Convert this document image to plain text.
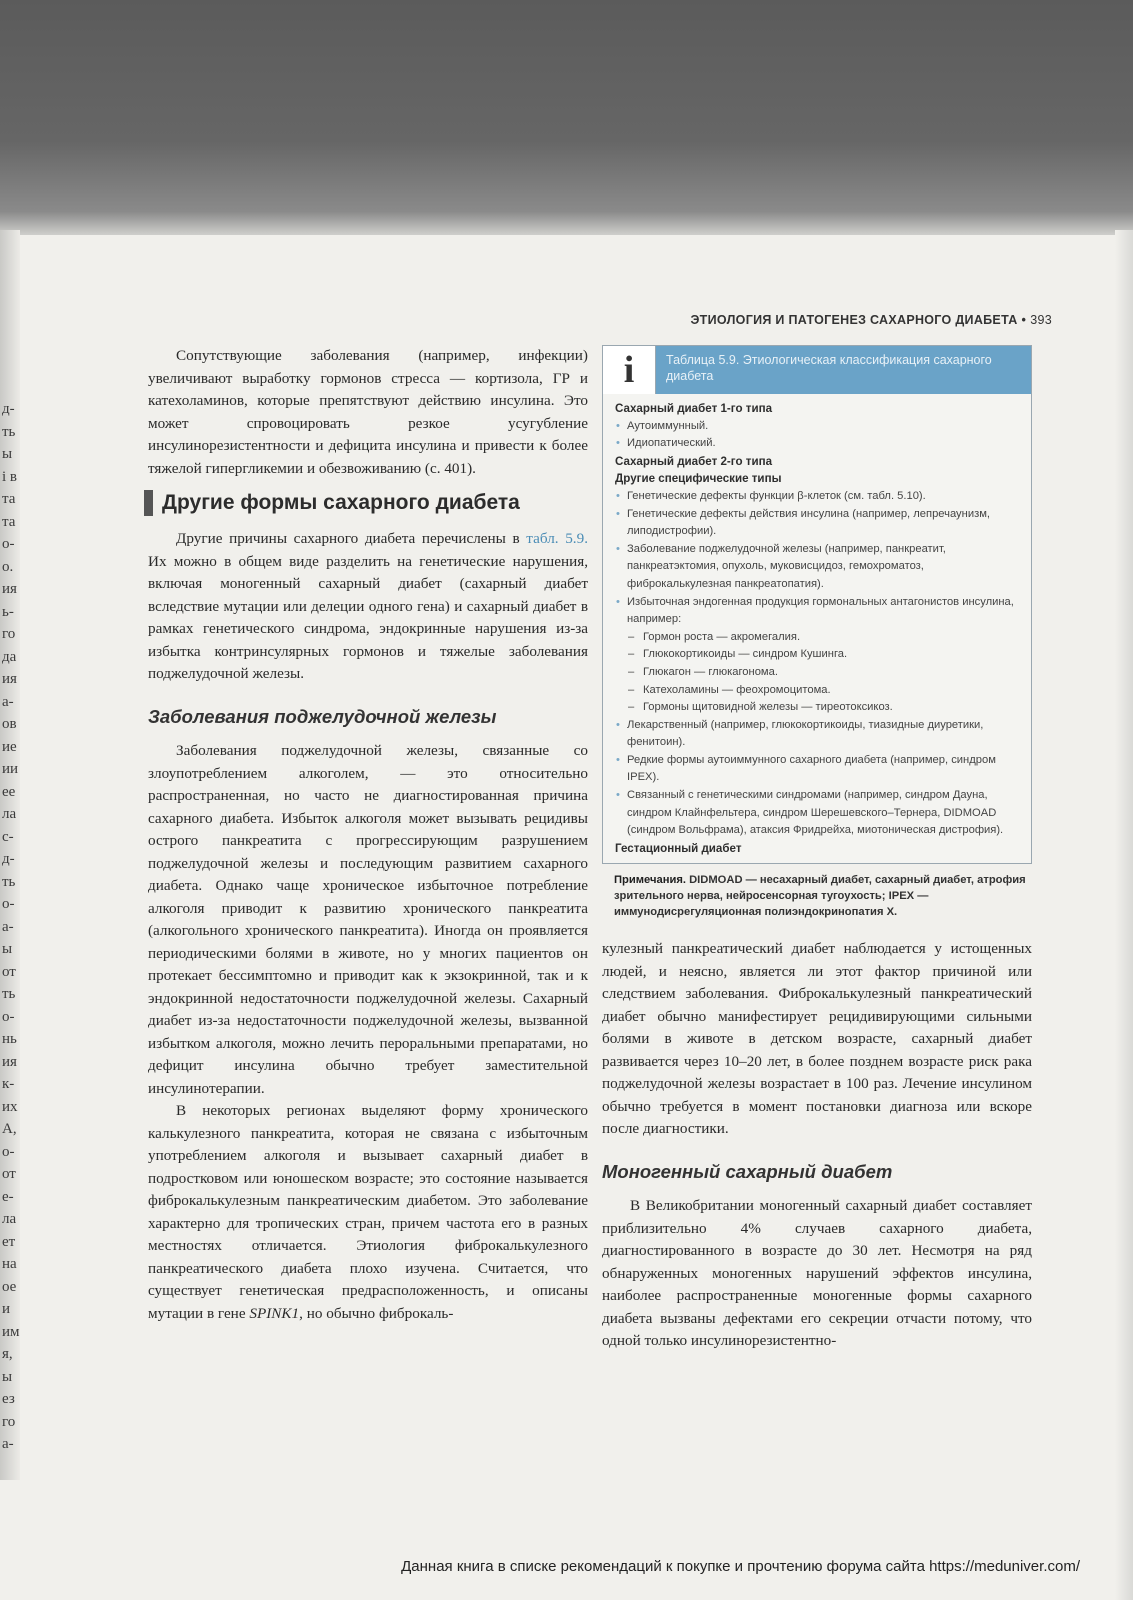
д-
ть
ы
і в
та
та
о-
о.
ия
ь-
го
да
ия
а-
ов
ие
ии
ее
ла
с-
д-
ть
о-
а-
ы
от
ть
о-
нь
ия
к-
их
А,
о-
от
е-
ла
ет
на
ое
и
им
я,
ы
ез
го
а-
ЭТИОЛОГИЯ И ПАТОГЕНЕЗ САХАРНОГО ДИАБЕТА • 393

Сопутствующие заболевания (например, инфекции) увеличивают выработку гормонов стресса — кортизола, ГР и катехоламинов, которые препятствуют действию инсулина. Это может спровоцировать резкое усугубление инсулинорезистентности и дефицита инсулина и привести к более тяжелой гипергликемии и обезвоживанию (с. 401).

Другие формы сахарного диабета

Другие причины сахарного диабета перечислены в табл. 5.9. Их можно в общем виде разделить на генетические нарушения, включая моногенный сахарный диабет (сахарный диабет вследствие мутации или делеции одного гена) и сахарный диабет в рамках генетического синдрома, эндокринные нарушения из-за избытка контринсулярных гормонов и тяжелые заболевания поджелудочной железы.

Заболевания поджелудочной железы

Заболевания поджелудочной железы, связанные со злоупотреблением алкоголем, — это относительно распространенная, но часто не диагностированная причина сахарного диабета. Избыток алкоголя может вызывать рецидивы острого панкреатита с прогрессирующим разрушением поджелудочной железы и последующим развитием сахарного диабета. Однако чаще хроническое избыточное потребление алкоголя приводит к развитию хронического панкреатита (алкогольного хронического панкреатита). Иногда он проявляется периодическими болями в животе, но у многих пациентов он протекает бессимптомно и приводит как к экзокринной, так и к эндокринной недостаточности поджелудочной железы. Сахарный диабет из-за недостаточности поджелудочной железы, вызванной избытком алкоголя, можно лечить пероральными препаратами, но дефицит инсулина обычно требует заместительной инсулинотерапии.

В некоторых регионах выделяют форму хронического калькулезного панкреатита, которая не связана с избыточным употреблением алкоголя и вызывает сахарный диабет в подростковом или юношеском возрасте; это состояние называется фиброкалькулезным панкреатическим диабетом. Это заболевание характерно для тропических стран, причем частота его в разных местностях отличается. Этиология фиброкалькулезного панкреатического диабета плохо изучена. Считается, что существует генетическая предрасположенность, и описаны мутации в гене SPINK1, но обычно фиброкаль-

i	Таблица 5.9. Этиологическая классификация сахарного диабета
Сахарный диабет 1-го типа
• Аутоиммунный.
• Идиопатический.
Сахарный диабет 2-го типа
Другие специфические типы
• Генетические дефекты функции β-клеток (см. табл. 5.10).
• Генетические дефекты действия инсулина (например, лепречаунизм, липодистрофии).
• Заболевание поджелудочной железы (например, панкреатит, панкреатэктомия, опухоль, муковисцидоз, гемохроматоз, фиброкалькулезная панкреатопатия).
• Избыточная эндогенная продукция гормональных антагонистов инсулина, например:
– Гормон роста — акромегалия.
– Глюкокортикоиды — синдром Кушинга.
– Глюкагон — глюкагонома.
– Катехоламины — феохромоцитома.
– Гормоны щитовидной железы — тиреотоксикоз.
• Лекарственный (например, глюкокортикоиды, тиазидные диуретики, фенитоин).
• Редкие формы аутоиммунного сахарного диабета (например, синдром IPEX).
• Связанный с генетическими синдромами (например, синдром Дауна, синдром Клайнфельтера, синдром Шерешевского–Тернера, DIDMOAD (синдром Вольфрама), атаксия Фридрейха, миотоническая дистрофия).
Гестационный диабет
Примечания. DIDMOAD — несахарный диабет, сахарный диабет, атрофия зрительного нерва, нейросенсорная тугоухость; IPEX — иммунодисрегуляционная полиэндокринопатия X.

кулезный панкреатический диабет наблюдается у истощенных людей, и неясно, является ли этот фактор причиной или следствием заболевания. Фиброкалькулезный панкреатический диабет обычно манифестирует рецидивирующими сильными болями в животе в детском возрасте, сахарный диабет развивается через 10–20 лет, в более позднем возрасте риск рака поджелудочной железы возрастает в 100 раз. Лечение инсулином обычно требуется в момент постановки диагноза или вскоре после диагностики.

Моногенный сахарный диабет

В Великобритании моногенный сахарный диабет составляет приблизительно 4% случаев сахарного диабета, диагностированного в возрасте до 30 лет. Несмотря на ряд обнаруженных моногенных нарушений эффектов инсулина, наиболее распространенные моногенные формы сахарного диабета вызваны дефектами его секреции отчасти потому, что одной только инсулинорезистентно-

Данная книга в списке рекомендаций к покупке и прочтению форума сайта https://meduniver.com/
